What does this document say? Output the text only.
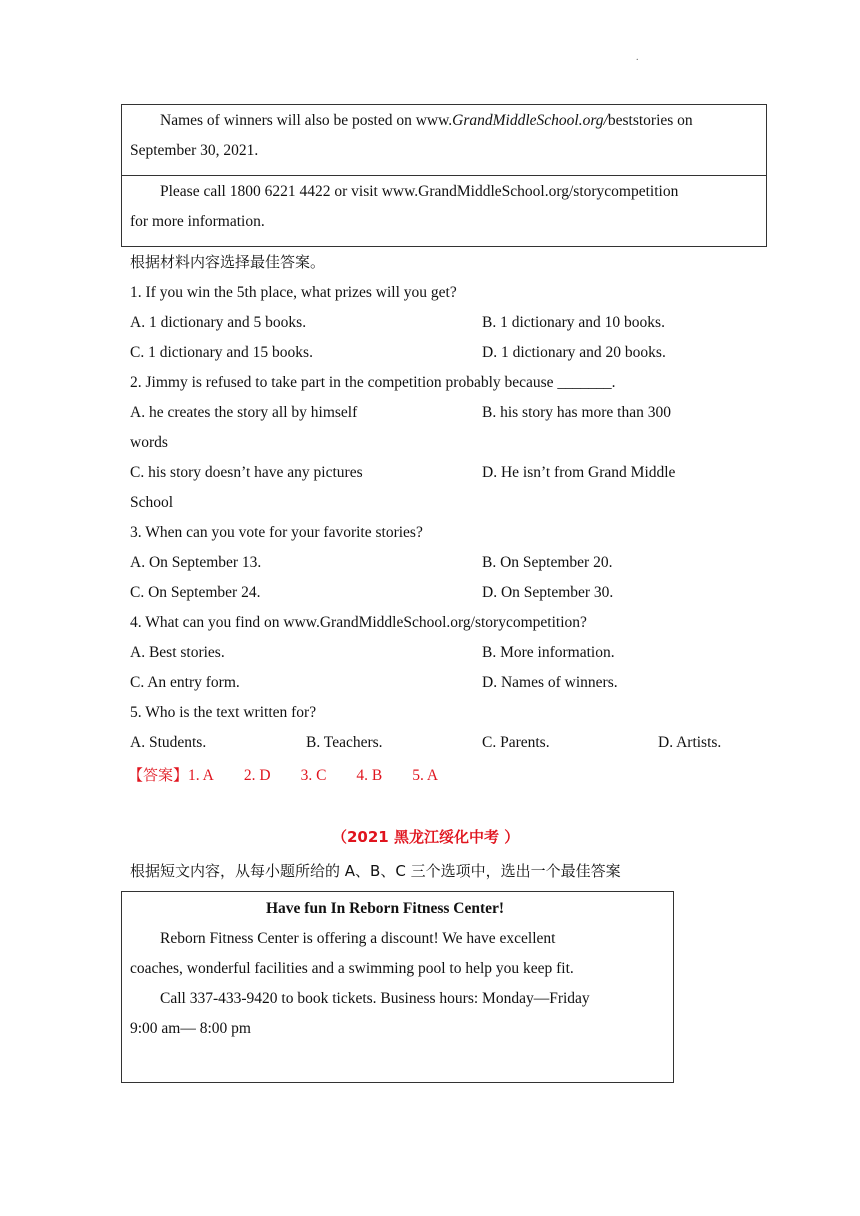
.
Names of winners will also be posted on www.GrandMiddleSchool.org/beststories on
September 30, 2021.
Please call 1800 6221 4422 or visit www.GrandMiddleSchool.org/storycompetition
for more information.
根据材料内容选择最佳答案。
1. If you win the 5th place, what prizes will you get?
A. 1 dictionary and 5 books.	B. 1 dictionary and 10 books.
C. 1 dictionary and 15 books.	D. 1 dictionary and 20 books.
2. Jimmy is refused to take part in the competition probably because _______.
A. he creates the story all by himself	B. his story has more than 300
words
C. his story doesn’t have any pictures	D. He isn’t from Grand Middle
School
3. When can you vote for your favorite stories?
A. On September 13.	B. On September 20.
C. On September 24.	D. On September 30.
4. What can you find on www.GrandMiddleSchool.org/storycompetition?
A. Best stories.	B. More information.
C. An entry form.	D. Names of winners.
5. Who is the text written for?
A. Students.	B. Teachers.	C. Parents.	D. Artists.
【答案】1. A 2. D 3. C 4. B 5. A
（2021 黑龙江绥化中考 ）
根据短文内容，从每小题所给的 A、B、C 三个选项中，选出一个最佳答案
Have fun In Reborn Fitness Center!
Reborn Fitness Center is offering a discount! We have excellent
coaches, wonderful facilities and a swimming pool to help you keep fit.
Call 337-433-9420 to book tickets. Business hours: Monday—Friday
9:00 am— 8:00 pm
